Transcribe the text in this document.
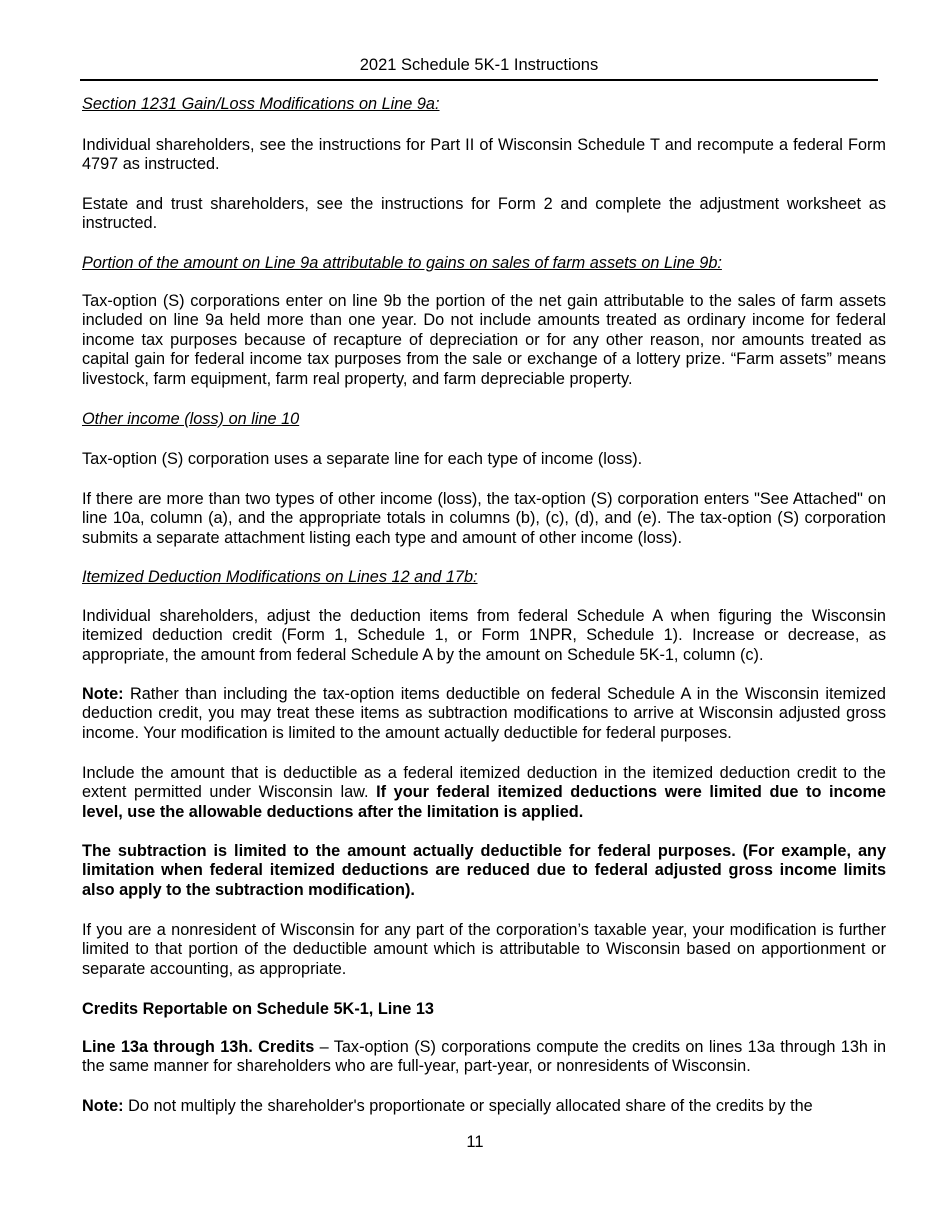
2021 Schedule 5K-1 Instructions
Section 1231 Gain/Loss Modifications on Line 9a:
Individual shareholders, see the instructions for Part II of Wisconsin Schedule T and recompute a federal Form 4797 as instructed.
Estate and trust shareholders, see the instructions for Form 2 and complete the adjustment worksheet as instructed.
Portion of the amount on Line 9a attributable to gains on sales of farm assets on Line 9b:
Tax-option (S) corporations enter on line 9b the portion of the net gain attributable to the sales of farm assets included on line 9a held more than one year. Do not include amounts treated as ordinary income for federal income tax purposes because of recapture of depreciation or for any other reason, nor amounts treated as capital gain for federal income tax purposes from the sale or exchange of a lottery prize. “Farm assets” means livestock, farm equipment, farm real property, and farm depreciable property.
Other income (loss) on line 10
Tax-option (S) corporation uses a separate line for each type of income (loss).
If there are more than two types of other income (loss), the tax-option (S) corporation enters "See Attached" on line 10a, column (a), and the appropriate totals in columns (b), (c), (d), and (e). The tax-option (S) corporation submits a separate attachment listing each type and amount of other income (loss).
Itemized Deduction Modifications on Lines 12 and 17b:
Individual shareholders, adjust the deduction items from federal Schedule A when figuring the Wisconsin itemized deduction credit (Form 1, Schedule 1, or Form 1NPR, Schedule 1). Increase or decrease, as appropriate, the amount from federal Schedule A by the amount on Schedule 5K-1, column (c).
Note: Rather than including the tax-option items deductible on federal Schedule A in the Wisconsin itemized deduction credit, you may treat these items as subtraction modifications to arrive at Wisconsin adjusted gross income. Your modification is limited to the amount actually deductible for federal purposes.
Include the amount that is deductible as a federal itemized deduction in the itemized deduction credit to the extent permitted under Wisconsin law. If your federal itemized deductions were limited due to income level, use the allowable deductions after the limitation is applied.
The subtraction is limited to the amount actually deductible for federal purposes. (For example, any limitation when federal itemized deductions are reduced due to federal adjusted gross income limits also apply to the subtraction modification).
If you are a nonresident of Wisconsin for any part of the corporation’s taxable year, your modification is further limited to that portion of the deductible amount which is attributable to Wisconsin based on apportionment or separate accounting, as appropriate.
Credits Reportable on Schedule 5K-1, Line 13
Line 13a through 13h. Credits – Tax-option (S) corporations compute the credits on lines 13a through 13h in the same manner for shareholders who are full-year, part-year, or nonresidents of Wisconsin.
Note: Do not multiply the shareholder's proportionate or specially allocated share of the credits by the
11
